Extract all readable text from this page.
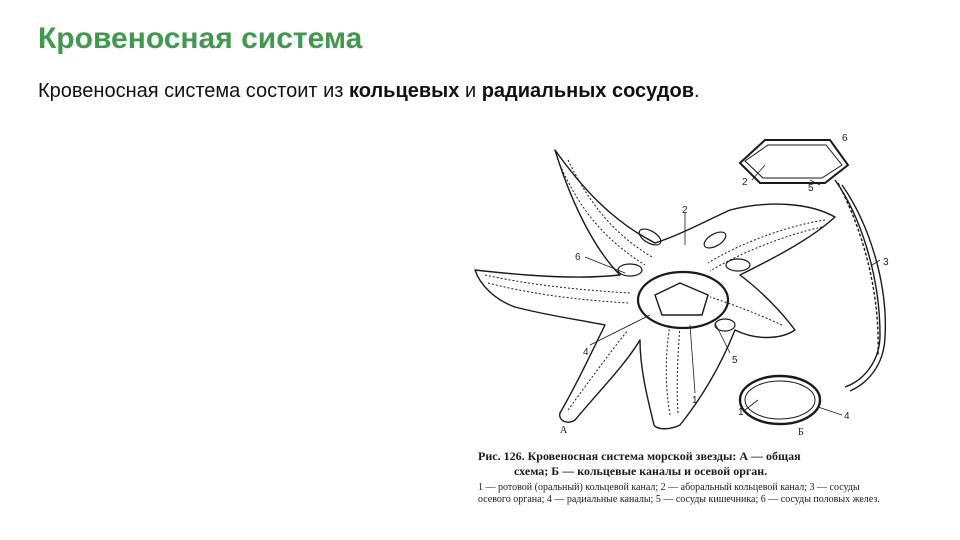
Кровеносная система
Кровеносная система состоит из кольцевых и радиальных сосудов.
2
6
4
5
1
3
6
2
5
1	4
А	Б
Рис. 126. Кровеносная система морской звезды: А — общая
схема; Б — кольцевые каналы и осевой орган.
1 — ротовой (оральный) кольцевой канал; 2 — аборальный кольцевой канал; 3 — сосуды осевого органа; 4 — радиальные каналы; 5 — сосуды кишечника; 6 — сосуды половых желез.
